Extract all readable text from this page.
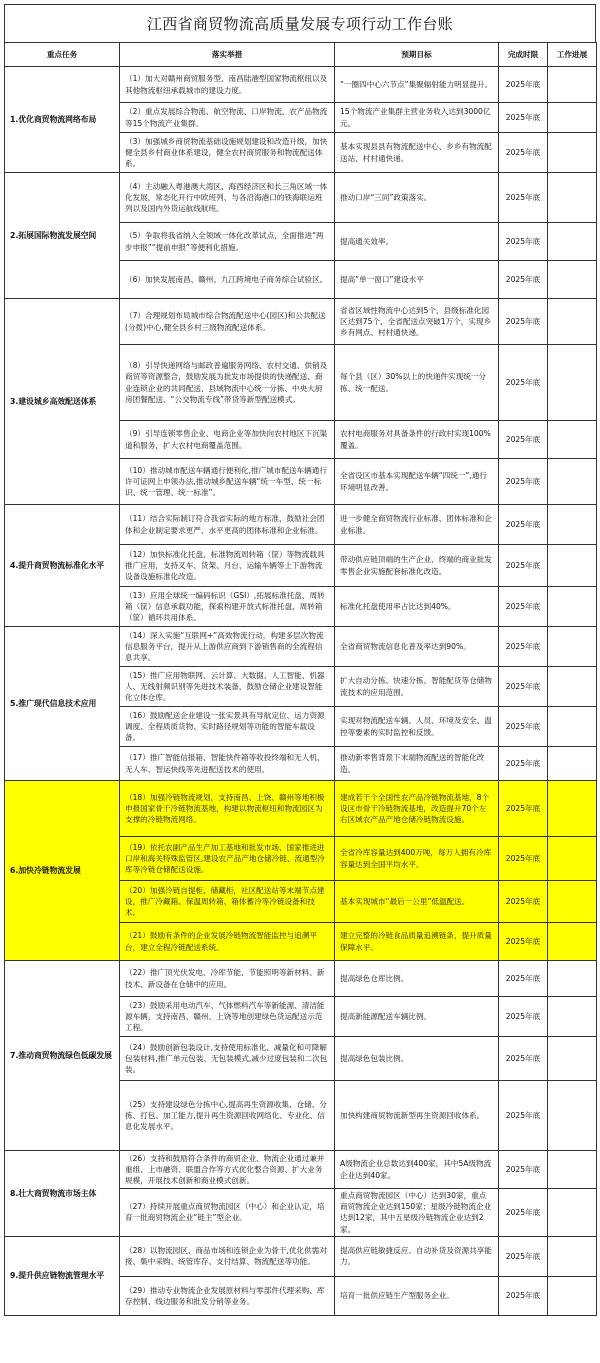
江西省商贸物流高质量发展专项行动工作台账
重点任务	落实举措	预期目标	完成时限	工作进展
1.优化商贸物流网络布局	（1）加大对赣州商贸服务型、南昌陆港型国家物流枢纽以及其他物流枢纽承载城市的建设力度。	“一圈四中心六节点”集聚辐射能力明显提升。	2025年底	
	（2）重点发展综合物流、航空物流、口岸物流、农产品物流等15个物流产业集群。	15个物流产业集群主营业务收入达到3000亿元。	2025年底	
	（3）加强城乡商贸物流基础设施规划建设和改造升级，加快健全县乡村商业体系建设，健全农村商贸服务和物流配送体系。	基本实现县县有物流配送中心、乡乡有物流配送站、村村通快递。	2025年底	
2.拓展国际物流发展空间	（4）主动融入粤港澳大湾区、海西经济区和长三角区域一体化发展，常态化开行中欧班列、与各沿海港口的铁海联运班列以及国内外货运航线航班。	推动口岸“三同”政策落实。	2025年底	
	（5）争取将我省纳入全领域一体化改革试点，全面推进“两步申报”“提前申报”等便利化措施。	提高通关效率。	2025年底	
	（6）加快发展南昌、赣州、九江跨境电子商务综合试验区。	提高“单一窗口”建设水平	2025年底	
3.建设城乡高效配送体系	（7）合理规划布局城市综合物流配送中心(园区)和公共配送(分拨)中心,健全县乡村三级物流配送体系。	省省区域性物流中心达到5个，县级标准化园区达到75个，全省配送点突破1万个，实现乡乡有网点、村村通快递。	2025年底	
	（8）引导快递网络与邮政普遍服务网络、农村交通、供销及商贸等资源整合，鼓励发展为批发市场提供的快递配送、商业连锁企业的共同配送、县域物流中心统一分拣、中央大厨房团餐配送、“公交物流专线”带货等新型配送模式。	每个县（区）30%以上的快递件实现统一分拣、统一配送。	2025年底	
	（9）引导连锁零售企业、电商企业等加快向农村地区下沉渠道和服务，扩大农村电商覆盖范围。	农村电商服务对具备条件的行政村实现100%覆盖。	2025年底	
	（10）推动城市配送车辆通行便利化,推广城市配送车辆通行许可证网上申领办法,推动城乡配送车辆“统一车型、统一标识、统一管理、统一标准”。	全省设区市基本实现配送车辆“四统一”,通行环境明显改善。	2025年底	
4.提升商贸物流标准化水平	（11）结合实际制订符合我省实际的地方标准，鼓励社会团体和企业制定要求更严、水平更高的团体标准和企业标准。	进一步健全商贸物流行业标准、团体标准和企业标准。	2025年底	
	（12）加快标准化托盘、标准物流周转箱（筐）等物流载具推广应用，支持叉车、货架、月台、运输车辆等上下游物流设备设施标准化改造。	带动供应链顶端的生产企业、终端的商业批发零售企业实施配套标准化改造。	2025年底	
	（13）应用全球统一编码标识（GSI）,拓展标准托盘、周转箱（筐）信息承载功能，探索构建开放式标准托盘、周转箱（筐）循环共用体系。	标准化托盘使用率占比达到40%。	2025年底	
5.推广现代信息技术应用	（14）深入实施“互联网+”高效物流行动，构建多层次物流信息服务平台，提升从上游供应商到下游销售商的全流程信息共享。	全省商贸物流信息化普及率达到90%。	2025年底	
	（15）推广应用物联网、云计算、大数据、人工智能、机器人、无线射频识别等先进技术装备，鼓励仓储企业建设智能化立体仓库。	扩大自动分拣、快速分拣、智能配货等仓储物流技术的应用范围。	2025年底	
	（16）鼓励配送企业建设一张实景具有导航定位、运力资源调度、全程质质货物、实时路径规划等功能的智能车载设备。	实现对物流配送车辆、人员、环境及安全、温控等要素的实时监控和反馈。	2025年底	
	（17）推广智能信报箱、智能快件箱等收投终端和无人机、无人车、智运快线等先进配送技术的使用。	推动新零售背景下末端物流配送的智能化改造。	2025年底	
6.加快冷链物流发展	（18）加强冷链物流规划，支持南昌、上饶、赣州等地积极申报国家骨干冷链物流基地，构建以物流枢纽和物流园区为支撑的冷链物流网络。	建成若干个全国性农产品冷链物流基地，8个设区市骨干冷链物流基地，改造提升70个左右区域农产品产地仓储冷链物流设施。	2025年底	
	（19）依托农副产品生产加工基地和批发市场、国家推进进口岸和海关特殊监管区,建设农产品产地仓储冷链、流通型冷库等冷链仓储配送设施。	全省冷库容量达到400万吨，每万人拥有冷库容量达到全国平均水平。	2025年底	
	（20）加强冷链自提柜、储藏柜，社区配送站等末端节点建设，推广冷藏箱、保温周转箱、箱体蓄冷等冷链设备和技术。	基本实现城市“最后一公里”低温配送。	2025年底	
	（21）鼓励有条件的企业发展冷链物流智能监控与追溯平台，建立全程冷链配送系统。	建立完整的冷链食品质量追溯链条，提升质量保障水平。	2025年底	
7.推动商贸物流绿色低碳发展	（22）推广顶光伏发电、冷库节能、节能照明等新材料、新技术、新设备在仓储中的应用。	提高绿色仓库比例。	2025年底	
	（23）鼓励采用电动汽车、气体燃料汽车等新能源、清洁能源车辆，支持南昌、赣州、上饶等地创建绿色货运配送示范工程。	提高新能源配送车辆比例。	2025年底	
	（24）鼓励创新包装设计,支持使用标准化、减量化和可降解包装材料,推广单元包装、无包装模式,减少过度包装和二次包装。	提高绿色包装比例。	2025年底	
	（25）支持建设绿色分拣中心,提高再生资源收集、仓储、分拣、打包、加工能力,提升再生资源回收网络化、专业化、信息化发展水平。	加快构建商贸物流新型再生资源回收体系。	2025年底	
8.壮大商贸物流市场主体	（26）支持和鼓励符合条件的商贸企业、物流企业通过兼并重组、上市融资、联盟合作等方式优化整合资源、扩大业务规模，开展技术创新和商业模式创新。	A级物流企业总数达到400家，其中5A级物流企业达到40家。	2025年底	
	（27）持续开展重点商贸物流园区（中心）和企业认定，培育一批商贸物流企业“链主”型企业。	重点商贸物流园区（中心）达到30家，重点商贸物流企业达到150家；星级冷链物流企业达到12家，其中五星级冷链物流企业达到2家。	2025年底	
9.提升供应链物流管理水平	（28）以物流园区、商品市场和连锁企业为骨干,优化供需对接、集中采购、统管库存、支付结算、物流配送等功能。	提高供应链敏捷反应、自动补货及资源共享能力。	2025年底	
	（29）推动专业物流企业发展原材料与零部件代理采购、库存控制、线边服务和批发分销等业务。	培育一批供应链生产型服务企业。	2025年底	
